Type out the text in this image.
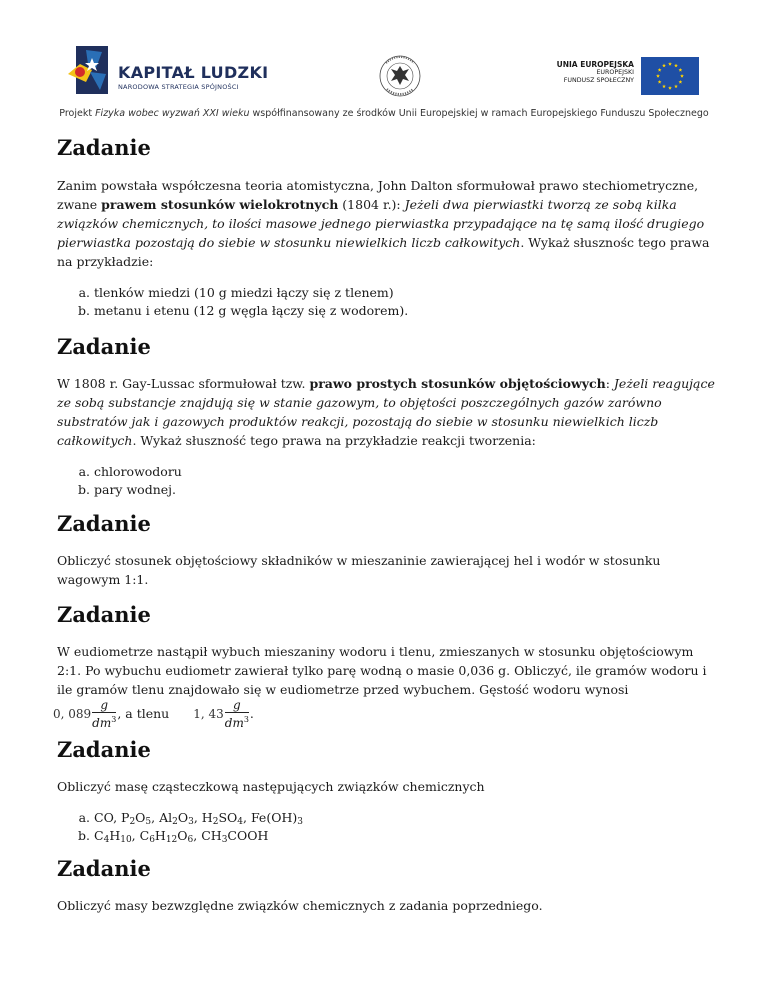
KAPITAŁ LUDZKI
NARODOWA STRATEGIA SPÓJNOŚCI
UNIA EUROPEJSKA
EUROPEJSKI
FUNDUSZ SPOŁECZNY
Projekt Fizyka wobec wyzwań XXI wieku współfinansowany ze środków Unii Europejskiej w ramach Europejskiego Funduszu Społecznego
Zadanie

Zanim powstała współczesna teoria atomistyczna, John Dalton sformułował prawo stechiometryczne, zwane prawem stosunków wielokrotnych (1804 r.): Jeżeli dwa pierwiastki tworzą ze sobą kilka związków chemicznych, to ilości masowe jednego pierwiastka przypadające na tę samą ilość drugiego pierwiastka pozostają do siebie w stosunku niewielkich liczb całkowitych. Wykaż słusznośc tego prawa na przykładzie:

a. tlenków miedzi (10 g miedzi łączy się z tlenem)
b. metanu i etenu (12 g węgla łączy się z wodorem).
Zadanie

W 1808 r. Gay-Lussac sformułował tzw. prawo prostych stosunków objętościowych: Jeżeli reagujące ze sobą substancje znajdują się w stanie gazowym, to objętości poszczególnych gazów zarówno substratów jak i gazowych produktów reakcji, pozostają do siebie w stosunku niewielkich liczb całkowitych. Wykaż słuszność tego prawa na przykładzie reakcji tworzenia:

a. chlorowodoru
b. pary wodnej.
Zadanie

Obliczyć stosunek objętościowy składników w mieszaninie zawierającej hel i wodór w stosunku wagowym 1:1.

Zadanie

W eudiometrze nastąpił wybuch mieszaniny wodoru i tlenu, zmieszanych w stosunku objętościowym 2:1. Po wybuchu eudiometr zawierał tylko parę wodną o masie 0,036 g. Obliczyć, ile gramów wodoru i ile gramów tlenu znajdowało się w eudiometrze przed wybuchem. Gęstość wodoru wynosi

0, $089 \frac{g}{dm^3}$ , a tlenu 1, $43 \frac{g}{dm^3}$ .
Zadanie

Obliczyć masę cząsteczkową następujących związków chemicznych

a. CO, $P_2O_5$, $Al_2O_3$, $H_2SO_4$, $Fe(OH)_3$
b. $C_4H_{10}$, $C_6H_{12}O_6$, $CH_3COOH$
Zadanie

Obliczyć masy bezwzględne związków chemicznych z zadania poprzedniego.
